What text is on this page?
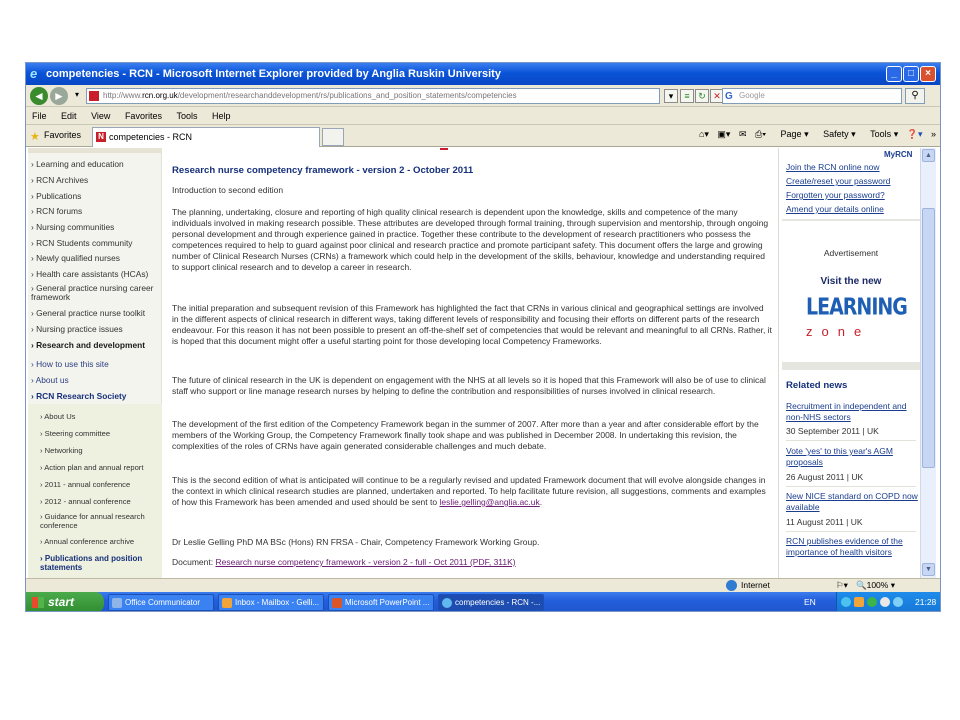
e competencies - RCN - Microsoft Internet Explorer provided by Anglia Ruskin University	_	□	×
◄ ►	▾	http://www.rcn.org.uk/development/researchanddevelopment/rs/publications_and_position_statements/competencies	▾	≡ ↻ ✕ G Google	⚲
File Edit View Favorites Tools Help
★ Favorites N competencies - RCN	⌂▾ ▣▾ ✉ ⎙▾ Page ▾ Safety ▾ Tools ▾ ❓▾ »
› Learning and education
› RCN Archives
› Publications
› RCN forums
› Nursing communities
› RCN Students community
› Newly qualified nurses
› Health care assistants (HCAs)
› General practice nursing career framework
› General practice nurse toolkit
› Nursing practice issues
› Research and development
› How to use this site
› About us
› RCN Research Society
› About Us
› Steering committee
› Networking
› Action plan and annual report
› 2011 - annual conference
› 2012 - annual conference
› Guidance for annual research conference
› Annual conference archive
› Publications and position statements
Research nurse competency framework - version 2 - October 2011
Introduction to second edition
The planning, undertaking, closure and reporting of high quality clinical research is dependent upon the knowledge, skills and competence of the many individuals involved in making research possible. These attributes are developed through formal training, through supervision and mentorship, through ongoing personal development and through experience gained in practice. Together these contribute to the development of research practitioners who possess the competences required to help to guard against poor clinical and research practice and promote participant safety. This document offers the large and growing number of Clinical Research Nurses (CRNs) a framework which could help in the development of the skills, behaviour, knowledge and understanding required to support clinical research and to develop a career in research.
The initial preparation and subsequent revision of this Framework has highlighted the fact that CRNs in various clinical and geographical settings are involved in the different aspects of clinical research in different ways, taking different levels of responsibility and focusing their efforts on different parts of the research endeavour. For this reason it has not been possible to present an off-the-shelf set of competencies that would be relevant and meaningful to all CRNs. Rather, it is hoped that this document might offer a useful starting point for those developing local Competency Frameworks.
The future of clinical research in the UK is dependent on engagement with the NHS at all levels so it is hoped that this Framework will also be of use to clinical staff who support or line manage research nurses by helping to define the contribution and responsibilities of nurses involved in clinical research.
The development of the first edition of the Competency Framework began in the summer of 2007. After more than a year and after considerable effort by the members of the Working Group, the Competency Framework finally took shape and was published in December 2008. In undertaking this revision, the complexities of the roles of CRNs have again generated considerable challenges and much debate.
This is the second edition of what is anticipated will continue to be a regularly revised and updated Framework document that will evolve alongside changes in the context in which clinical research studies are planned, undertaken and reported. To help facilitate future revision, all suggestions, comments and examples of how this Framework has been amended and used should be sent to leslie.gelling@anglia.ac.uk.
Dr Leslie Gelling PhD MA BSc (Hons) RN FRSA - Chair, Competency Framework Working Group.
Document: Research nurse competency framework - version 2 - full - Oct 2011 (PDF, 311K)
MyRCN
Join the RCN online now
Create/reset your password
Forgotten your password?
Amend your details online
Advertisement
Visit the new
LEARNING
zone
Related news
Recruitment in independent and non-NHS sectors
30 September 2011 | UK
Vote 'yes' to this year's AGM proposals
26 August 2011 | UK
New NICE standard on COPD now available
11 August 2011 | UK
RCN publishes evidence of the importance of health visitors
▲
▼
Internet	⚐▾ 🔍100% ▾
start	Office Communicator	Inbox - Mailbox - Gelli...	Microsoft PowerPoint ...	competencies - RCN -...	EN	21:28
